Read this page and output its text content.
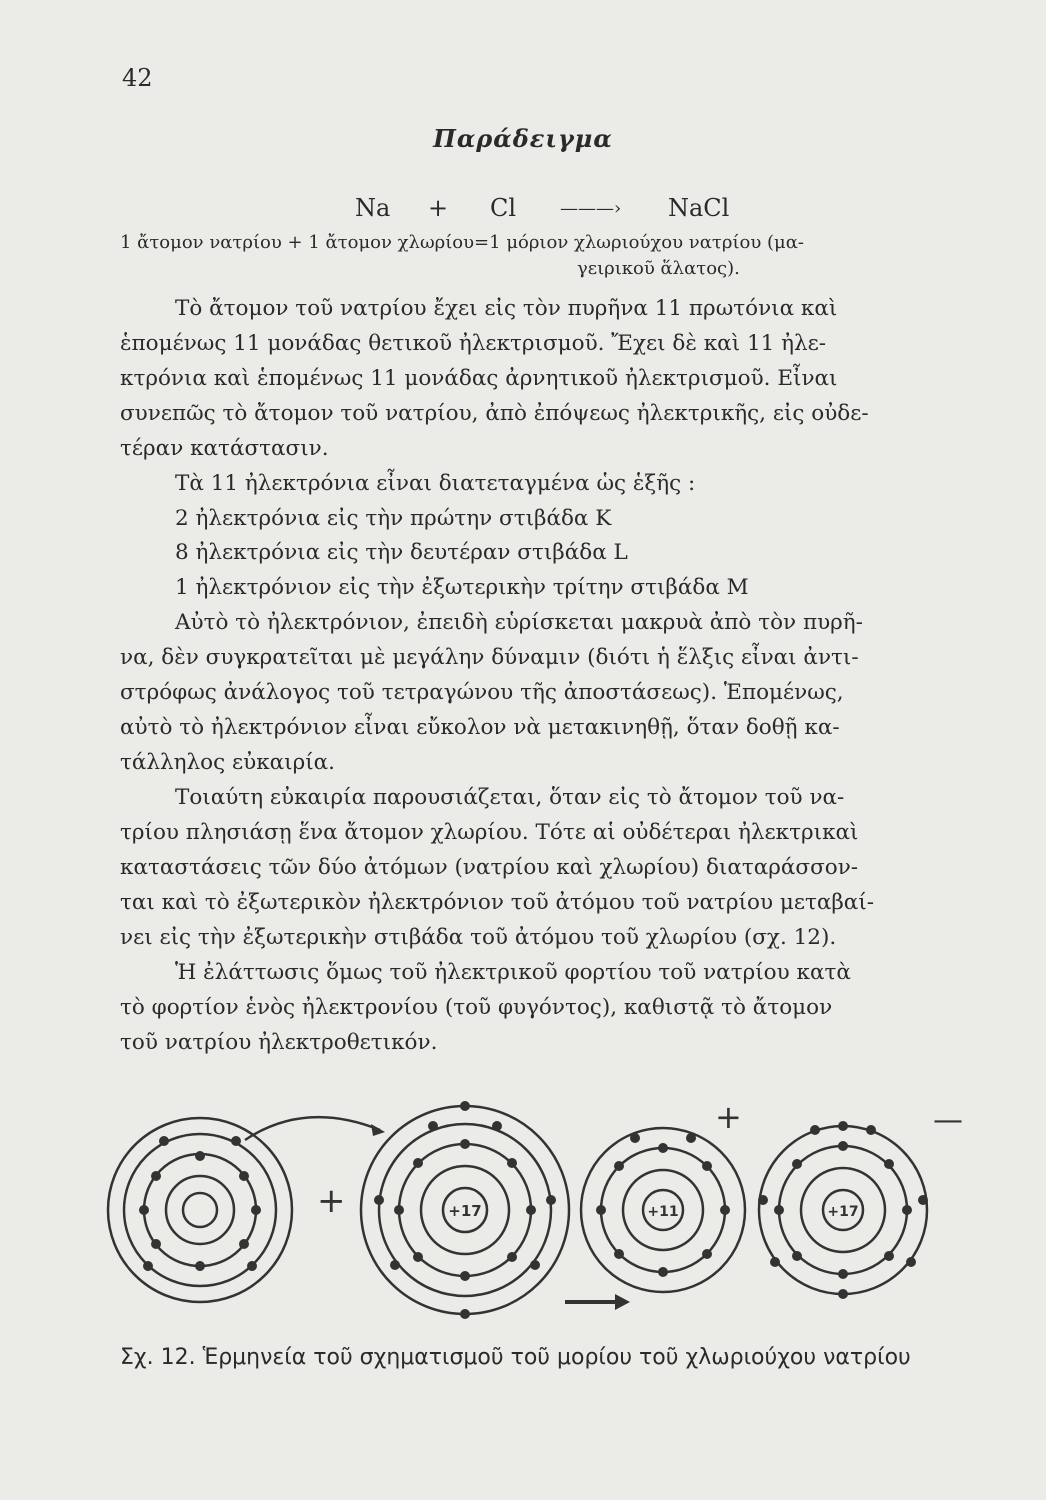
42
Παράδειγμα
Na + Cl ———› NaCl
1 ἄτομον νατρίου + 1 ἄτομον χλωρίου=1 μόριον χλωριούχου νατρίου (μα-
γειρικοῦ ἅλατος).
Τὸ ἄτομον τοῦ νατρίου ἔχει εἰς τὸν πυρῆνα 11 πρωτόνια καὶ
ἑπομένως 11 μονάδας θετικοῦ ἠλεκτρισμοῦ. Ἔχει δὲ καὶ 11 ἠλε-
κτρόνια καὶ ἑπομένως 11 μονάδας ἀρνητικοῦ ἠλεκτρισμοῦ. Εἶναι
συνεπῶς τὸ ἄτομον τοῦ νατρίου, ἀπὸ ἐπόψεως ἠλεκτρικῆς, εἰς οὐδε-
τέραν κατάστασιν.
Τὰ 11 ἠλεκτρόνια εἶναι διατεταγμένα ὡς ἑξῆς :
2 ἠλεκτρόνια εἰς τὴν πρώτην στιβάδα K
8 ἠλεκτρόνια εἰς τὴν δευτέραν στιβάδα L
1 ἠλεκτρόνιον εἰς τὴν ἐξωτερικὴν τρίτην στιβάδα M
Αὐτὸ τὸ ἠλεκτρόνιον, ἐπειδὴ εὑρίσκεται μακρυὰ ἀπὸ τὸν πυρῆ-
να, δὲν συγκρατεῖται μὲ μεγάλην δύναμιν (διότι ἡ ἕλξις εἶναι ἀντι-
στρόφως ἀνάλογος τοῦ τετραγώνου τῆς ἀποστάσεως). Ἑπομένως,
αὐτὸ τὸ ἠλεκτρόνιον εἶναι εὔκολον νὰ μετακινηθῇ, ὅταν δοθῇ κα-
τάλληλος εὐκαιρία.
Τοιαύτη εὐκαιρία παρουσιάζεται, ὅταν εἰς τὸ ἄτομον τοῦ να-
τρίου πλησιάσῃ ἕνα ἄτομον χλωρίου. Τότε αἱ οὐδέτεραι ἠλεκτρικαὶ
καταστάσεις τῶν δύο ἀτόμων (νατρίου καὶ χλωρίου) διαταράσσον-
ται καὶ τὸ ἐξωτερικὸν ἠλεκτρόνιον τοῦ ἀτόμου τοῦ νατρίου μεταβαί-
νει εἰς τὴν ἐξωτερικὴν στιβάδα τοῦ ἀτόμου τοῦ χλωρίου (σχ. 12).
Ἡ ἐλάττωσις ὅμως τοῦ ἠλεκτρικοῦ φορτίου τοῦ νατρίου κατὰ
τὸ φορτίον ἑνὸς ἠλεκτρονίου (τοῦ φυγόντος), καθιστᾷ τὸ ἄτομον
τοῦ νατρίου ἠλεκτροθετικόν.
+	+17	+11
+
+17
—
Σχ. 12. Ἑρμηνεία τοῦ σχηματισμοῦ τοῦ μορίου τοῦ χλωριούχου νατρίου
